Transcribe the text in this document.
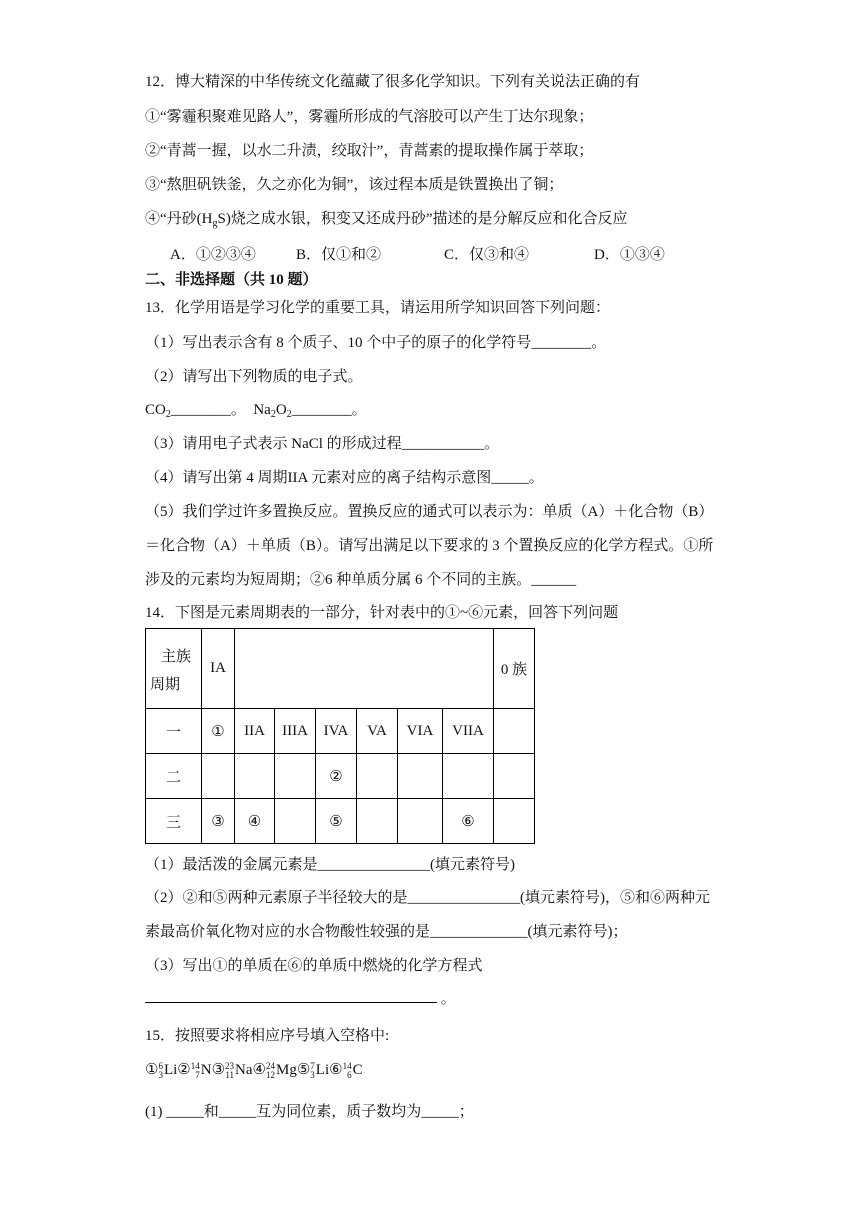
12．博大精深的中华传统文化蕴藏了很多化学知识。下列有关说法正确的有
①“雾霾积聚难见路人”，雾霾所形成的气溶胶可以产生丁达尔现象；
②“青蒿一握，以水二升渍，绞取汁”，青蒿素的提取操作属于萃取；
③“熬胆矾铁釜，久之亦化为铜”，该过程本质是铁置换出了铜；
④“丹砂$(H_gS)$烧之成水银，积变又还成丹砂”描述的是分解反应和化合反应
A．①②③④	B．仅①和②	C．仅③和④	D．①③④
二、非选择题（共 10 题）
13．化学用语是学习化学的重要工具，请运用所学知识回答下列问题：
（1）写出表示含有 8 个质子、10 个中子的原子的化学符号________。
（2）请写出下列物质的电子式。
$CO_2\_\_\_\_\_\_\_\_$。　$Na_2O_2\_\_\_\_\_\_\_\_$。
（3）请用电子式表示 NaCl 的形成过程___________。
（4）请写出第 4 周期IIA 元素对应的离子结构示意图_____。
（5）我们学过许多置换反应。置换反应的通式可以表示为：单质（A）＋化合物（B）
＝化合物（A）＋单质（B）。请写出满足以下要求的 3 个置换反应的化学方程式。①所
涉及的元素均为短周期；②6 种单质分属 6 个不同的主族。______
14．下图是元素周期表的一部分，针对表中的①~⑥元素，回答下列问题
主族
周期	IA							0 族
一	①	IIA	IIIA	IVA	VA	VIA	VIIA	
二				②				
三	③	④		⑤			⑥	
（1）最活泼的金属元素是_______________(填元素符号)
（2）②和⑤两种元素原子半径较大的是_______________(填元素符号)，⑤和⑥两种元
素最高价氧化物对应的水合物酸性较强的是_____________(填元素符号)；
（3）写出①的单质在⑥的单质中燃烧的化学方程式
。
15．按照要求将相应序号填入空格中:
① 6
3 Li② 14
7 N③ 23
11 Na④ 24
12 Mg⑤ 7
3 Li⑥ 14
6 C
(1) _____和_____互为同位素，质子数均为_____；
